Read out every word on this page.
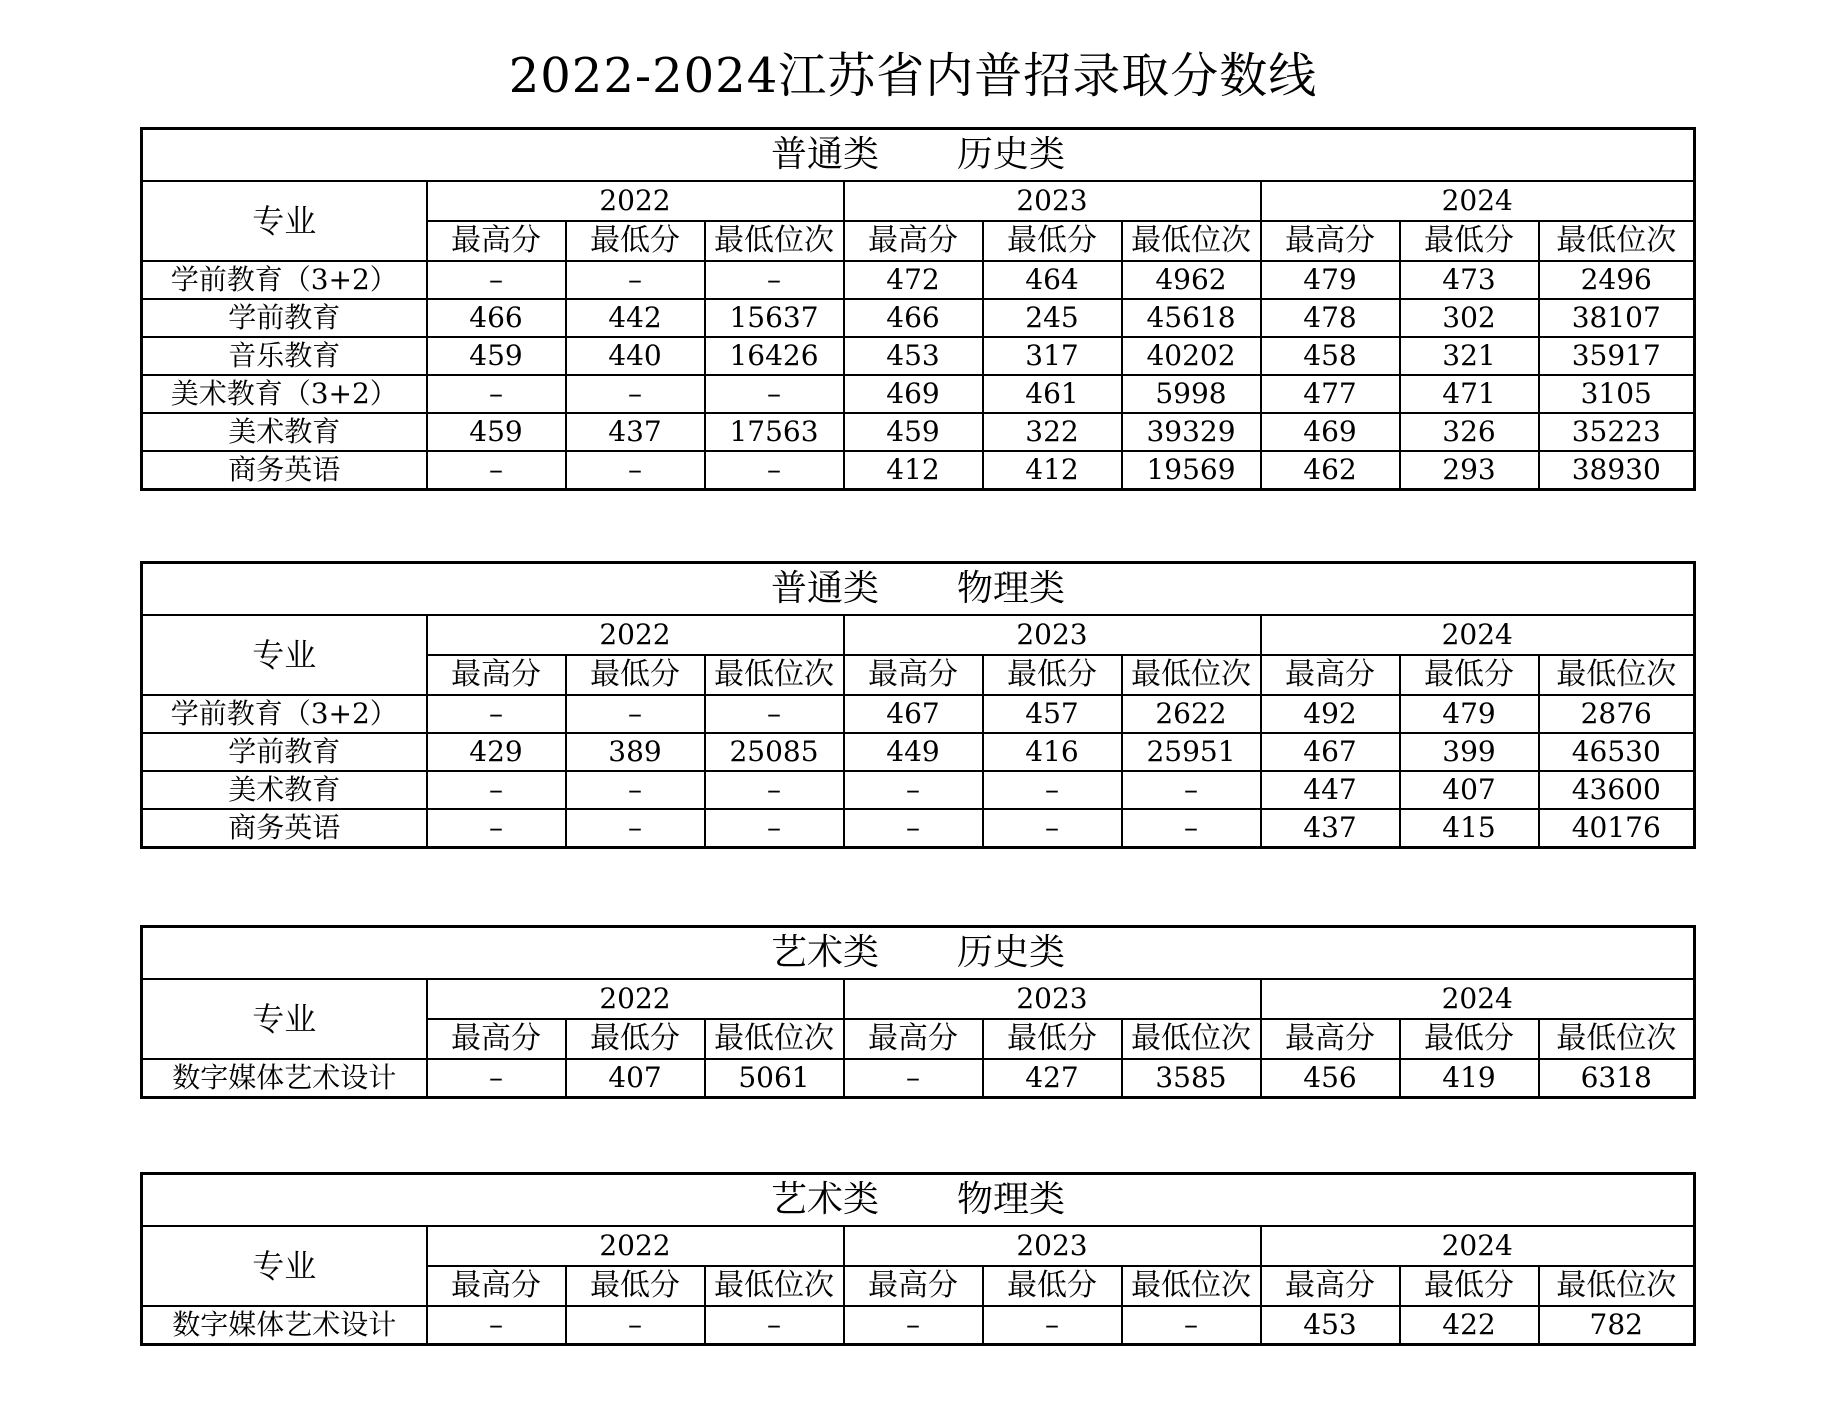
2022-2024江苏省内普招录取分数线
普通类 历史类									
专业	2022			2023			2024		
	最高分	最低分	最低位次	最高分	最低分	最低位次	最高分	最低分	最低位次
学前教育（3+2）	–	–	–	472	464	4962	479	473	2496
学前教育	466	442	15637	466	245	45618	478	302	38107
音乐教育	459	440	16426	453	317	40202	458	321	35917
美术教育（3+2）	–	–	–	469	461	5998	477	471	3105
美术教育	459	437	17563	459	322	39329	469	326	35223
商务英语	–	–	–	412	412	19569	462	293	38930
普通类 物理类									
专业	2022			2023			2024		
	最高分	最低分	最低位次	最高分	最低分	最低位次	最高分	最低分	最低位次
学前教育（3+2）	–	–	–	467	457	2622	492	479	2876
学前教育	429	389	25085	449	416	25951	467	399	46530
美术教育	–	–	–	–	–	–	447	407	43600
商务英语	–	–	–	–	–	–	437	415	40176
艺术类 历史类									
专业	2022			2023			2024		
	最高分	最低分	最低位次	最高分	最低分	最低位次	最高分	最低分	最低位次
数字媒体艺术设计	–	407	5061	–	427	3585	456	419	6318
艺术类 物理类									
专业	2022			2023			2024		
	最高分	最低分	最低位次	最高分	最低分	最低位次	最高分	最低分	最低位次
数字媒体艺术设计	–	–	–	–	–	–	453	422	782
